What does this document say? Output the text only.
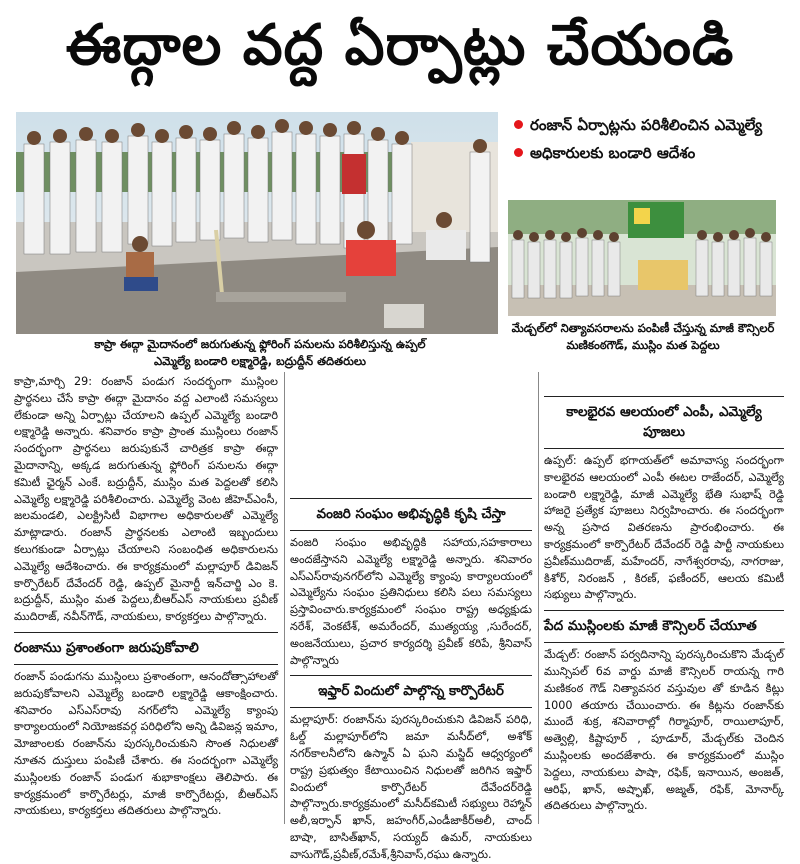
ఈద్గాల వద్ద ఏర్పాట్లు చేయండి
రంజాన్ ఏర్పాట్లను పరిశీలించిన ఎమ్మెల్యే
అధికారులకు బండారి ఆదేశం
కాప్రా ఈద్గా మైదానంలో జరుగుతున్న ఫ్లోరింగ్ పనులను పరిశీలిస్తున్న ఉప్పల్ ఎమ్మెల్యే బండారి లక్ష్మారెడ్డి, బద్రుద్దీన్ తదితరులు
మేడ్చల్‌లో నిత్యావసరాలను పంపిణీ చేస్తున్న మాజీ కౌన్సిలర్ మణికంఠగౌడ్, ముస్లిం మత పెద్దలు

కాప్రా,మార్చి 29: రంజాన్ పండుగ సందర్భంగా ముస్లింల ప్రార్థనలు చేసే కాప్రా ఈద్గా మైదానం వద్ద ఎలాంటి సమస్యలు లేకుండా అన్ని ఏర్పాట్లు చేయాలని ఉప్పల్ ఎమ్మెల్యే బండారి లక్ష్మారెడ్డి అన్నారు. శనివారం కాప్రా ప్రాంత ముస్లింలు రంజాన్ సందర్భంగా ప్రార్థనలు జరుపుకునే చారిత్రక కాప్రా ఈద్గా మైదానాన్ని, అక్కడ జరుగుతున్న ఫ్లోరింగ్ పనులను ఈద్గా కమిటీ ఛైర్మన్ ఎంకే. బద్రుద్దీన్, ముస్లిం మత పెద్దలతో కలిసి ఎమ్మెల్యే లక్ష్మారెడ్డి పరిశీలించారు. ఎమ్మెల్యే వెంట జీహెచ్ఎంసీ, జలమండలి, ఎలక్ట్రిసిటీ విభాగాల అధికారులతో ఎమ్మెల్యే మాట్లాడారు. రంజాన్ ప్రార్థనలకు ఎలాంటి ఇబ్బందులు కలుగకుండా ఏర్పాట్లు చేయాలని సంబంధిత అధికారులను ఎమ్మెల్యే ఆదేశించారు. ఈ కార్యక్రమంలో మల్లాపూర్ డివిజన్ కార్పొరేటర్ దేవేందర్ రెడ్డి, ఉప్పల్ మైనార్టీ ఇన్‌చార్జి ఎం కె. బద్రుద్దీన్, ముస్లిం మత పెద్దలు,బీఆర్ఎస్ నాయకులు ప్రవీణ్ ముదిరాజ్, నవీన్‌గౌడ్, నాయకులు, కార్యకర్తలు పాల్గొన్నారు.

రంజానుు ప్రశాంతంగా జరుపుకోవాలి

రంజాన్ పండుగను ముస్లింలు ప్రశాంతంగా, ఆనందోత్సాహాలతో జరుపుకోవాలని ఎమ్మెల్యే బండారి లక్ష్మారెడ్డి ఆకాంక్షించారు. శనివారం ఎస్ఎస్‌రావు నగర్‌లోని ఎమ్మెల్యే క్యాంపు కార్యాలయంలో నియోజకవర్గ పరిధిలోని అన్ని డివిజన్ల ఇమాం, మోజాంలకు రంజాన్‌ను పురస్కరించుకుని సొంత నిధులతో నూతన దుస్తులు పంపిణీ చేశారు. ఈ సందర్భంగా ఎమ్మెల్యే ముస్లింలకు రంజాన్ పండుగ శుభాకాంక్షలు తెలిపారు. ఈ కార్యక్రమంలో కార్పొరేటర్లు, మాజీ కార్పొరేటర్లు, బీఆర్ఎస్ నాయకులు, కార్యకర్తలు తదితరులు పాల్గొన్నారు.

వంజరి సంఘం అభివృద్ధికి కృషి చేస్తా

వంజరి సంఘం అభివృద్ధికి సహాయ,సహకారాలు అందజేస్తానని ఎమ్మెల్యే లక్ష్మారెడ్డి అన్నారు. శనివారం ఎస్ఎస్‌రావునగర్‌లోని ఎమ్మెల్యే క్యాంపు కార్యాలయంలో ఎమ్మెల్యేను సంఘం ప్రతినిధులు కలిసి పలు సమస్యలు ప్రస్తావించారు.కార్యక్రమంలో సంఘం రాష్ట్ర అధ్యక్షుడు నరేశ్, వెంకటేశ్, అమరేందర్, ముత్యయ్య ,సురేందర్, అంజనేయులు, ప్రచార కార్యదర్శి ప్రవీణ్ కరిపే, శ్రీనివాస్ పాల్గొన్నారు

ఇఫ్తార్ విందులో పాల్గొన్న కార్పొరేటర్

మల్లాపూర్: రంజాన్‌ను పురస్కరించుకుని డివిజన్ పరిధి, ఓల్డ్ మల్లాపూర్‌లోని జమా మసీద్‌లో, అశోక్ నగర్‌కాలనీలోని ఉస్మాన్ ఏ ఘని మస్జిద్ ఆధ్వర్యంలో రాష్ట్ర ప్రభుత్వం కేటాయించిన నిధులతో జరిగిన ఇఫ్తార్ విందులో కార్పొరేటర్ దేవేందర్‌రెడ్డి పాల్గొన్నారు.కార్యక్రమంలో మసీద్‌కమిటీ సభ్యులు రెహ్మాన్ అలీ,ఇర్ఫాన్ ఖాన్, జహంగీర్,ఎండీజాకీర్‌అలీ, చాంద్ బాషా, బాసిత్‌ఖాన్, సయ్యద్ ఉమర్, నాయకులు వాసుగౌడ్,ప్రవీణ్,రమేశ్,శ్రీనివాస్,రఘు ఉన్నారు.

కాలభైరవ ఆలయంలో ఎంపీ, ఎమ్మెల్యే పూజలు

ఉప్పల్: ఉప్పల్ భగాయత్‌లో అమావాస్య సందర్భంగా కాలభైరవ ఆలయంలో ఎంపీ ఈటల రాజేందర్, ఎమ్మెల్యే బండారి లక్ష్మారెడ్డి, మాజీ ఎమ్మెల్యే భేతి సుభాష్ రెడ్డి హాజరై ప్రత్యేక పూజలు నిర్వహించారు. ఈ సందర్భంగా అన్న ప్రసాద వితరణను ప్రారంభించారు. ఈ కార్యక్రమంలో కార్పొరేటర్ దేవేందర్ రెడ్డి పార్టీ నాయకులు ప్రవీణ్‌ముదిరాజ్, మహేందర్, నాగేశ్వరరావు, నాగరాజు, కిశోర్, నిరంజన్ , కిరణ్, ఫణీందర్, ఆలయ కమిటీ సభ్యులు పాల్గొన్నారు.

పేద ముస్లింలకు మాజీ కౌన్సిలర్ చేయూత

మేడ్చల్: రంజాన్ పర్వదినాన్ని పురస్కరించుకొని మేడ్చల్ మున్సిపల్ 6వ వార్డు మాజీ కౌన్సిలర్ రాయన్న గారి మణికంఠ గౌడ్ నిత్యావసర వస్తువుల తో కూడిన కిట్లు 1000 తయారు చేయించారు. ఈ కిట్లను రంజాన్‌కు ముందే శుక్ర, శనివారాల్లో గిర్మాపూర్, రాయిలాపూర్, అత్వెల్లి, కిష్టాపూర్ , పూడూర్, మేడ్చల్‌కు చెందిన ముస్లింలకు అందజేశారు. ఈ కార్యక్రమంలో ముస్లిం పెద్దలు, నాయకులు పాషా, రఫిక్, ఇనాయిన, అంజత్, ఆరిఫ్, ఖాన్, అష్ఫాఖ్, అజ్మత్, రఫిక్, మోనార్క్ తదితరులు పాల్గొన్నారు.
